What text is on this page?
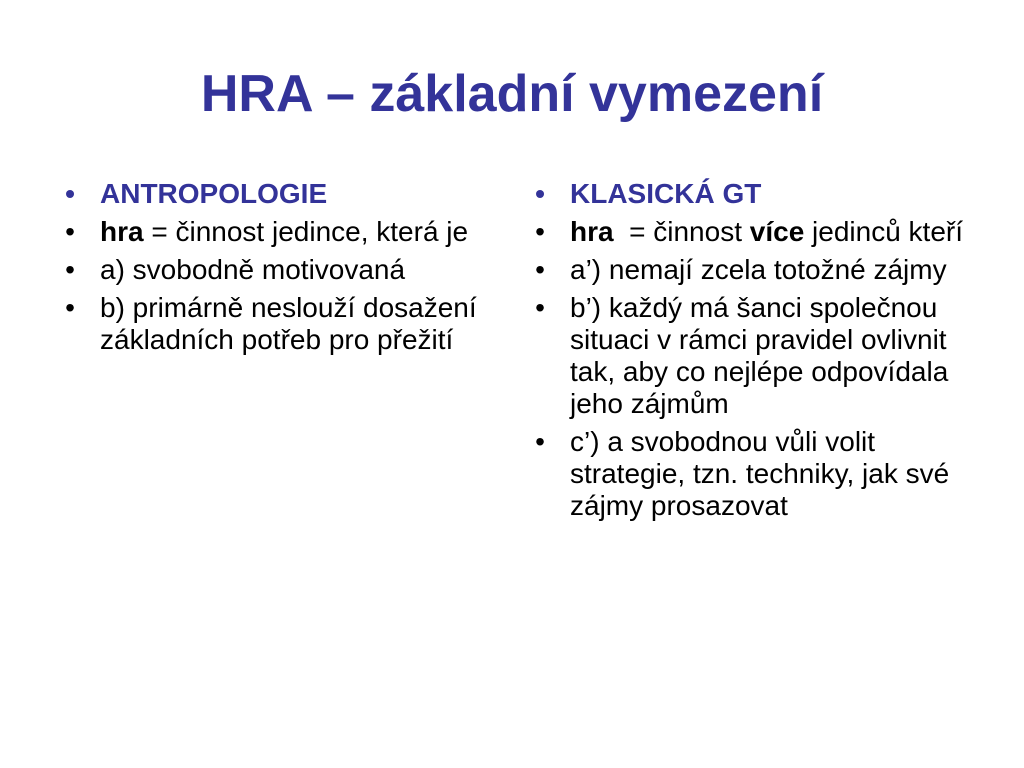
HRA – základní vymezení
• ANTROPOLOGIE
• hra = činnost jedince, která je
• a) svobodně motivovaná
• b) primárně neslouží dosažení základních potřeb pro přežití
• KLASICKÁ GT
• hra  = činnost více jedinců kteří
• a’) nemají zcela totožné zájmy
• b’) každý má šanci společnou situaci v rámci pravidel ovlivnit tak, aby co nejlépe odpovídala jeho zájmům
• c’) a svobodnou vůli volit strategie, tzn. techniky, jak své zájmy prosazovat
